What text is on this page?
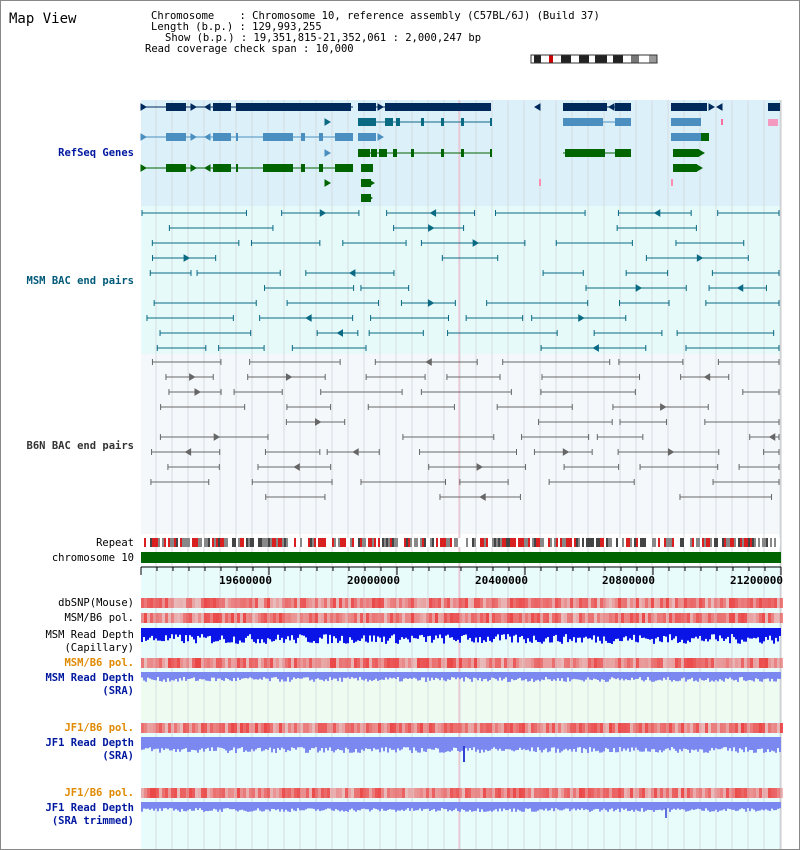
Map View	Chromosome    : Chromosome 10, reference assembly (C57BL/6J) (Build 37)
Length (b.p.) : 129,993,255
Show (b.p.) : 19,351,815-21,352,061 : 2,000,247 bp
Read coverage check span : 10,000
RefSeq Genes
MSM BAC end pairs
B6N BAC end pairs
Repeat
chromosome 10
dbSNP(Mouse)
MSM/B6 pol.
MSM Read Depth
(Capillary)
MSM/B6 pol.
MSM Read Depth
(SRA)
JF1/B6 pol.
JF1 Read Depth
(SRA)
JF1/B6 pol.
JF1 Read Depth
(SRA trimmed)
19600000	20000000	20400000	20800000	21200000
